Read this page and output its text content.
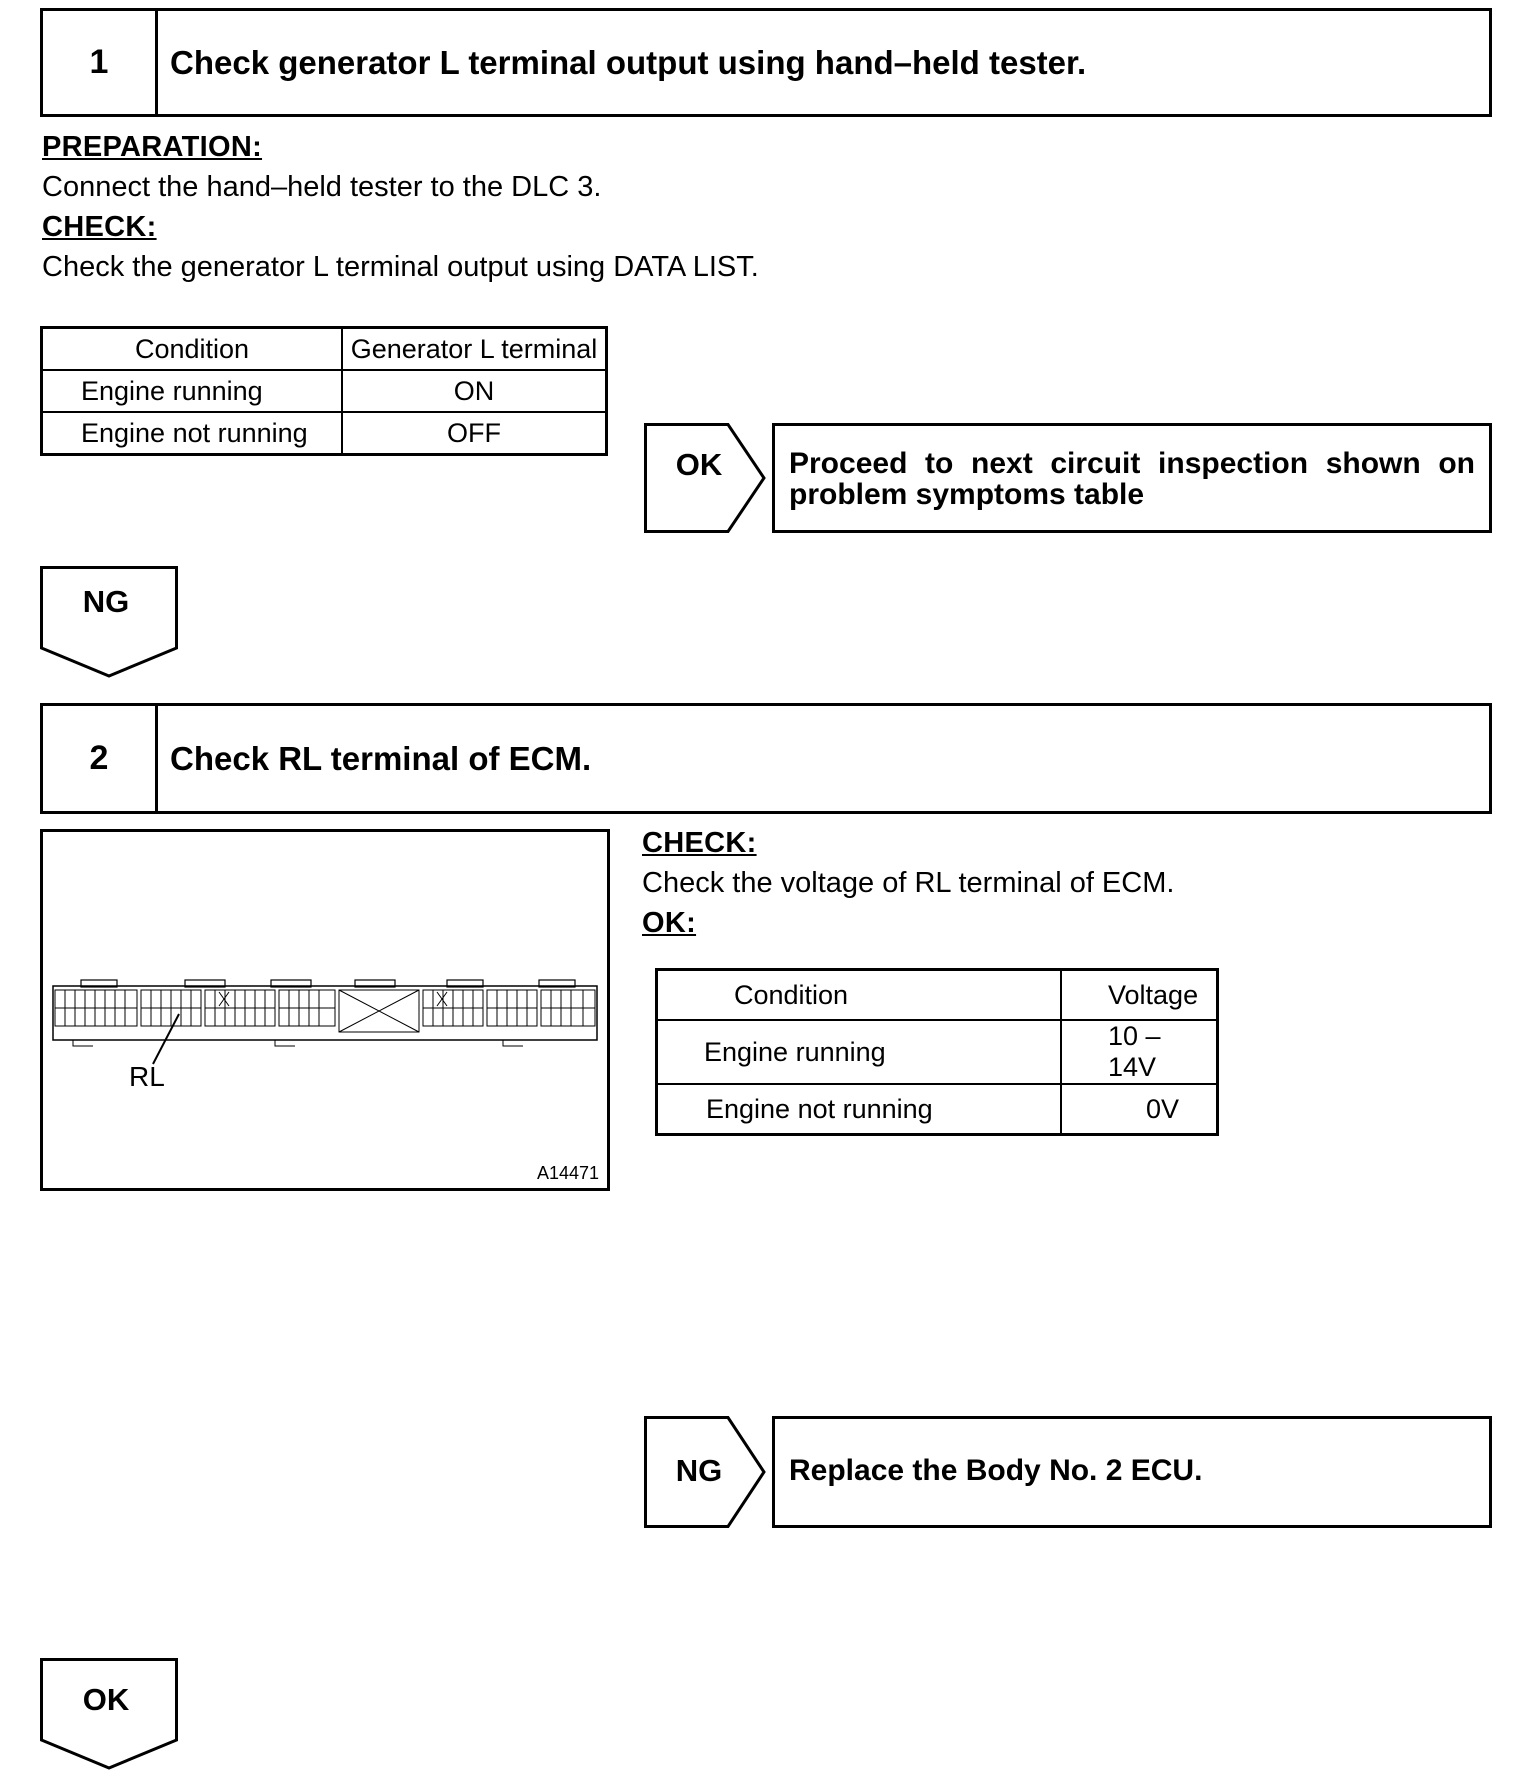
1	Check generator L terminal output using hand–held tester.
PREPARATION:
Connect the hand–held tester to the DLC 3.
CHECK:
Check the generator L terminal output using DATA LIST.
Condition	Generator L terminal
Engine running	ON
Engine not running	OFF
OK	Proceed to next circuit inspection shown on problem symptoms table
NG
2	Check RL terminal of ECM.
RL
A14471
CHECK:
Check the voltage of RL terminal of ECM.
OK:
Condition	Voltage
Engine running	10 – 14V
Engine not running	0V
NG	Replace the Body No. 2 ECU.
OK
